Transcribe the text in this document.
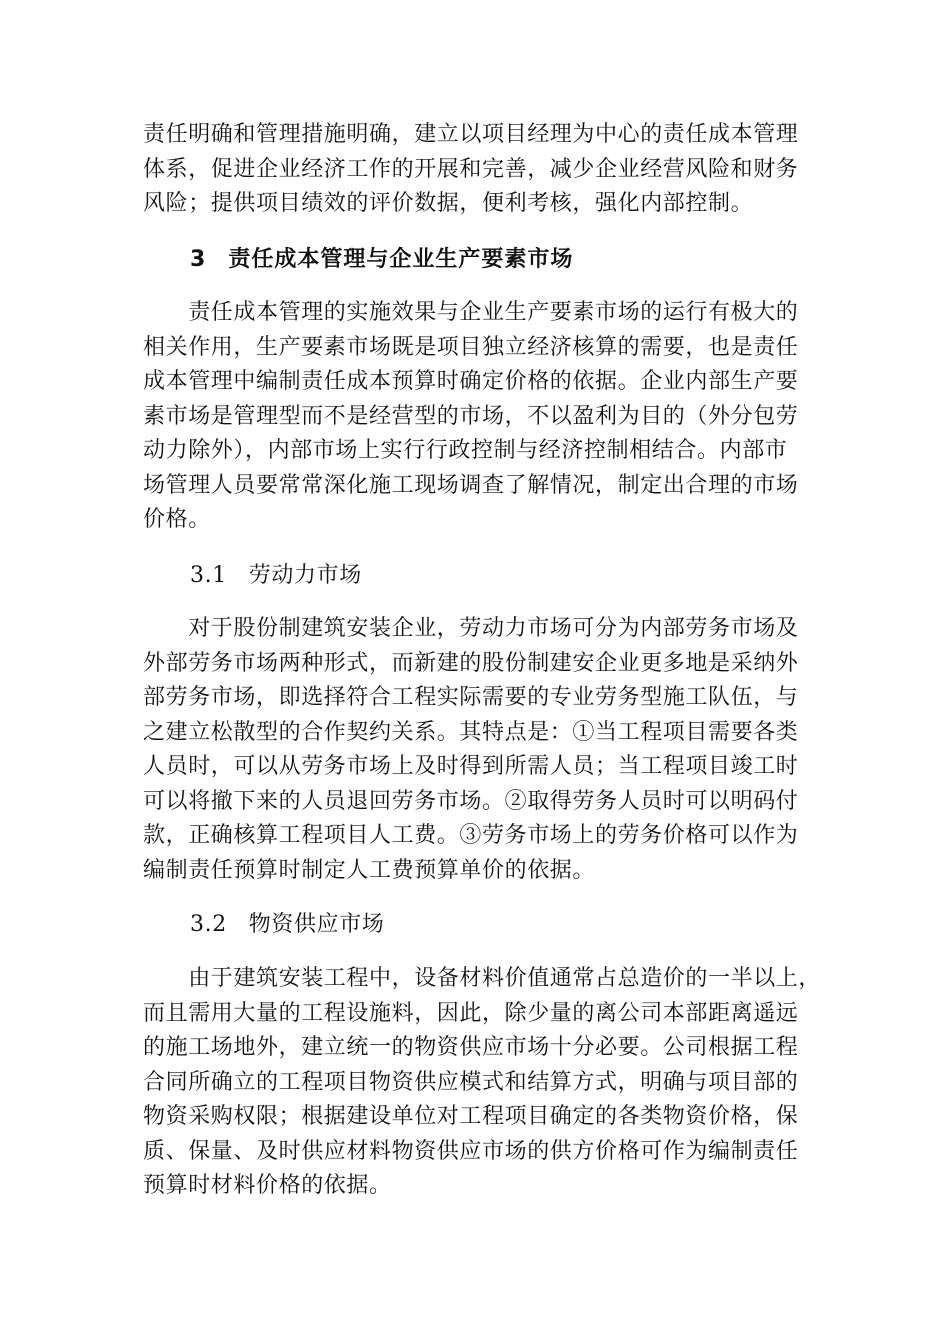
责任明确和管理措施明确，建立以项目经理为中心的责任成本管理
体系，促进企业经济工作的开展和完善，减少企业经营风险和财务
风险；提供项目绩效的评价数据，便利考核，强化内部控制。
3 责任成本管理与企业生产要素市场
　　责任成本管理的实施效果与企业生产要素市场的运行有极大的
相关作用，生产要素市场既是项目独立经济核算的需要，也是责任
成本管理中编制责任成本预算时确定价格的依据。企业内部生产要
素市场是管理型而不是经营型的市场，不以盈利为目的（外分包劳
动力除外），内部市场上实行行政控制与经济控制相结合。内部市
场管理人员要常常深化施工现场调查了解情况，制定出合理的市场
价格。
3.1 劳动力市场
　　对于股份制建筑安装企业，劳动力市场可分为内部劳务市场及
外部劳务市场两种形式，而新建的股份制建安企业更多地是采纳外
部劳务市场，即选择符合工程实际需要的专业劳务型施工队伍，与
之建立松散型的合作契约关系。其特点是：①当工程项目需要各类
人员时，可以从劳务市场上及时得到所需人员；当工程项目竣工时
可以将撤下来的人员退回劳务市场。②取得劳务人员时可以明码付
款，正确核算工程项目人工费。③劳务市场上的劳务价格可以作为
编制责任预算时制定人工费预算单价的依据。
3.2 物资供应市场
　　由于建筑安装工程中，设备材料价值通常占总造价的一半以上，
而且需用大量的工程设施料，因此，除少量的离公司本部距离遥远
的施工场地外，建立统一的物资供应市场十分必要。公司根据工程
合同所确立的工程项目物资供应模式和结算方式，明确与项目部的
物资采购权限；根据建设单位对工程项目确定的各类物资价格，保
质、保量、及时供应材料物资供应市场的供方价格可作为编制责任
预算时材料价格的依据。
